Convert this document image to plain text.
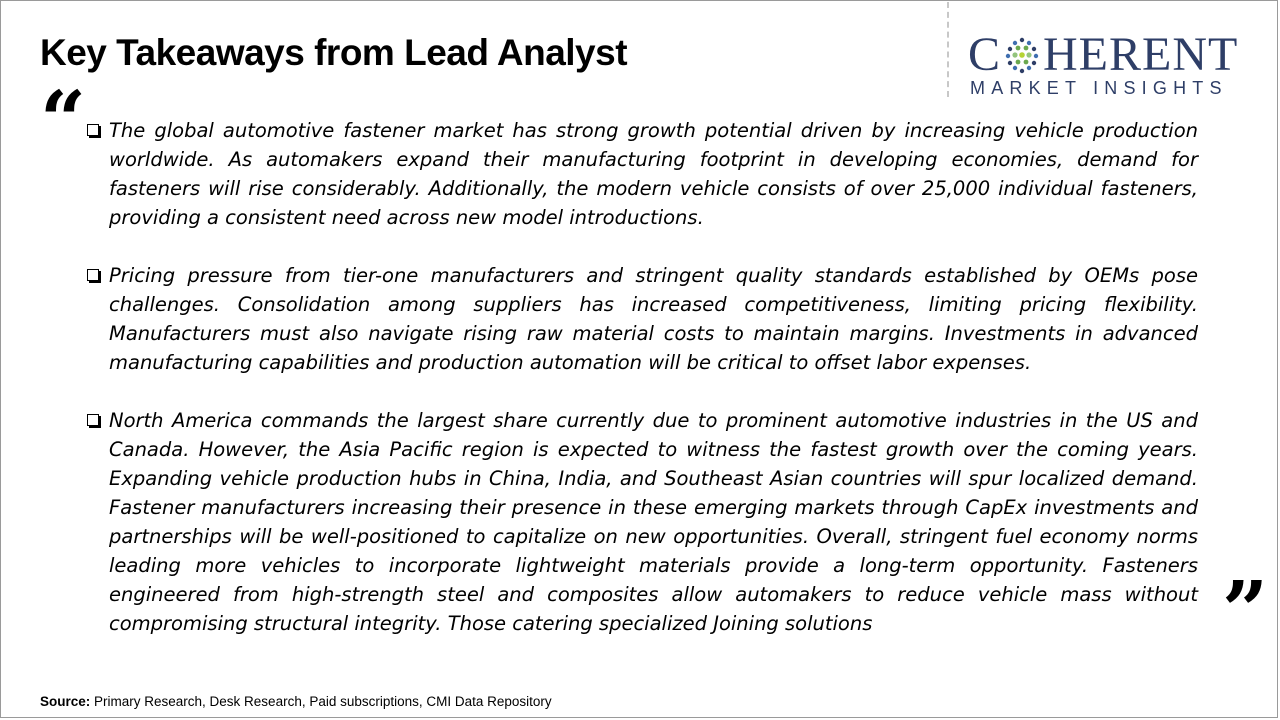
Key Takeaways from Lead Analyst	C HERENT
MARKET INSIGHTS
“ The global automotive fastener market has strong growth potential driven by increasing vehicle production worldwide. As automakers expand their manufacturing footprint in developing economies, demand for fasteners will rise considerably. Additionally, the modern vehicle consists of over 25,000 individual fasteners, providing a consistent need across new model introductions.
Pricing pressure from tier-one manufacturers and stringent quality standards established by OEMs pose challenges. Consolidation among suppliers has increased competitiveness, limiting pricing flexibility. Manufacturers must also navigate rising raw material costs to maintain margins. Investments in advanced manufacturing capabilities and production automation will be critical to offset labor expenses.
North America commands the largest share currently due to prominent automotive industries in the US and Canada. However, the Asia Pacific region is expected to witness the fastest growth over the coming years. Expanding vehicle production hubs in China, India, and Southeast Asian countries will spur localized demand. Fastener manufacturers increasing their presence in these emerging markets through CapEx investments and partnerships will be well-positioned to capitalize on new opportunities. Overall, stringent fuel economy norms leading more vehicles to incorporate lightweight materials provide a long-term opportunity. Fasteners engineered from high-strength steel and composites allow automakers to reduce vehicle mass without compromising structural integrity. Those catering specialized Joining solutions	”
Source: Primary Research, Desk Research, Paid subscriptions, CMI Data Repository
